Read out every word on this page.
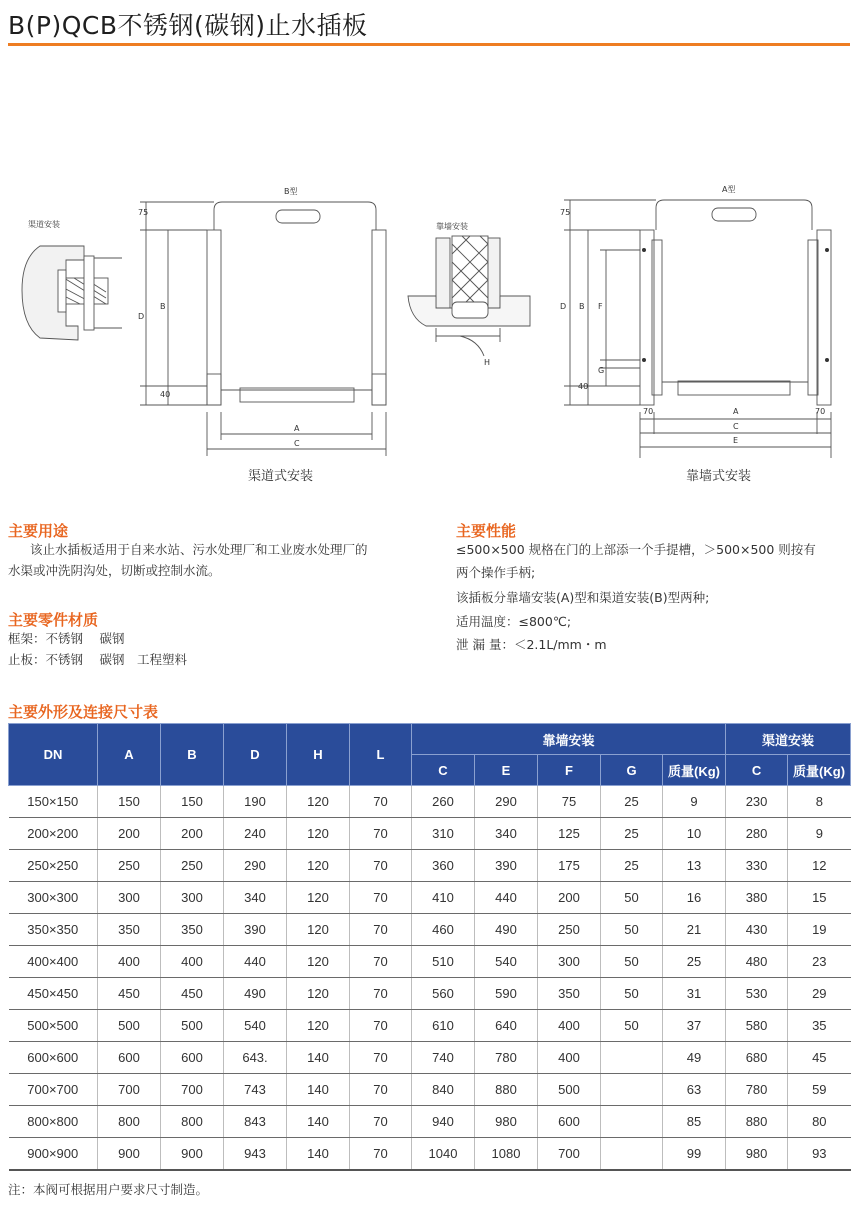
B(P)QCB不锈钢(碳钢)止水插板
渠道安装
B型
靠墙安装
A型
75
D
B
40
A
C
H
75
D B F
G
40
70	A	70
C
E
渠道式安装	靠墙式安装
主要用途
该止水插板适用于自来水站、污水处理厂和工业废水处理厂的
水渠或冲洗阴沟处，切断或控制水流。
主要零件材质
框架：不锈钢　 碳钢
止板：不锈钢　 碳钢　工程塑料
主要性能
≤500×500 规格在门的上部添一个手提槽，＞500×500 则按有
两个操作手柄;
该插板分靠墙安装(A)型和渠道安装(B)型两种;
适用温度：≤800℃;
泄 漏 量：＜2.1L/mm・m
主要外形及连接尺寸表
DN	A	B	D	H	L	靠墙安装					渠道安装	
						C	E	F	G	质量(Kg)	C	质量(Kg)
150×150	150	150	190	120	70	260	290	75	25	9	230	8
200×200	200	200	240	120	70	310	340	125	25	10	280	9
250×250	250	250	290	120	70	360	390	175	25	13	330	12
300×300	300	300	340	120	70	410	440	200	50	16	380	15
350×350	350	350	390	120	70	460	490	250	50	21	430	19
400×400	400	400	440	120	70	510	540	300	50	25	480	23
450×450	450	450	490	120	70	560	590	350	50	31	530	29
500×500	500	500	540	120	70	610	640	400	50	37	580	35
600×600	600	600	643.	140	70	740	780	400		49	680	45
700×700	700	700	743	140	70	840	880	500		63	780	59
800×800	800	800	843	140	70	940	980	600		85	880	80
900×900	900	900	943	140	70	1040	1080	700		99	980	93
注：本阀可根据用户要求尺寸制造。
